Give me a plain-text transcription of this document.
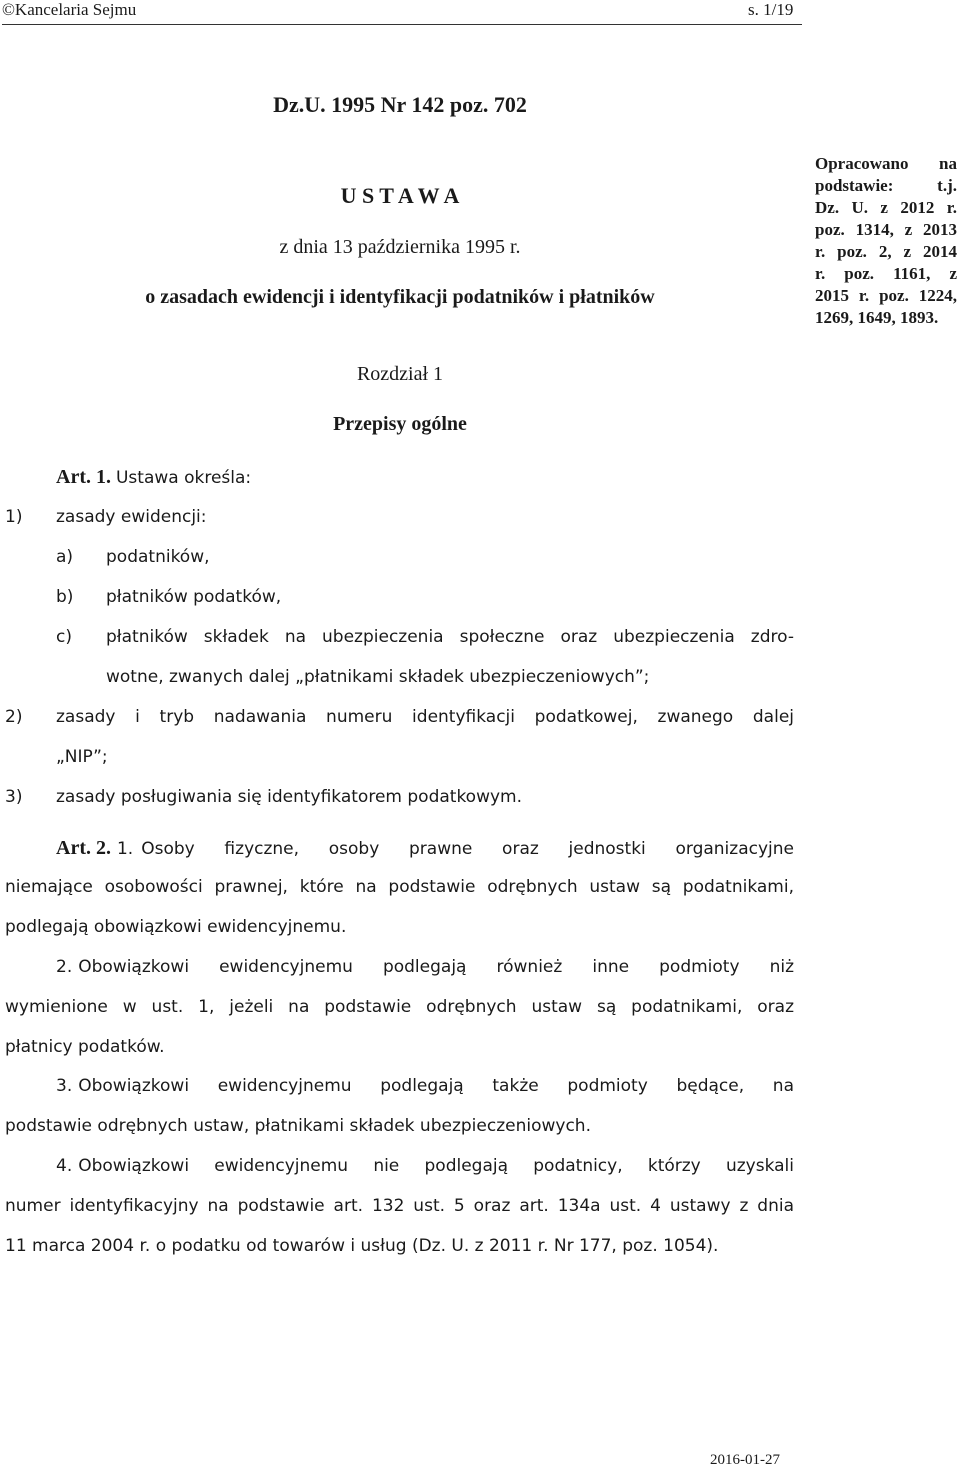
©Kancelaria Sejmu	s. 1/19
Dz.U. 1995 Nr 142 poz. 702
U S T A W A
z dnia 13 października 1995 r.
o zasadach ewidencji i identyfikacji podatników i płatników
Opracowano na
podstawie: t.j.
Dz. U. z 2012 r.
poz. 1314, z 2013
r. poz. 2, z 2014
r. poz. 1161, z
2015 r. poz. 1224,
1269, 1649, 1893.
Rozdział 1
Przepisy ogólne
Art. 1. Ustawa określa:
1) zasady ewidencji:
a) podatników,
b) płatników podatków,
c) płatników składek na ubezpieczenia społeczne oraz ubezpieczenia zdro-
wotne, zwanych dalej „płatnikami składek ubezpieczeniowych”;
2) zasady i tryb nadawania numeru identyfikacji podatkowej, zwanego dalej
„NIP”;
3) zasady posługiwania się identyfikatorem podatkowym.
Art. 2. 1. Osoby fizyczne, osoby prawne oraz jednostki organizacyjne
niemające osobowości prawnej, które na podstawie odrębnych ustaw są podatnikami,
podlegają obowiązkowi ewidencyjnemu.
2. Obowiązkowi ewidencyjnemu podlegają również inne podmioty niż
wymienione w ust. 1, jeżeli na podstawie odrębnych ustaw są podatnikami, oraz
płatnicy podatków.
3. Obowiązkowi ewidencyjnemu podlegają także podmioty będące, na
podstawie odrębnych ustaw, płatnikami składek ubezpieczeniowych.
4. Obowiązkowi ewidencyjnemu nie podlegają podatnicy, którzy uzyskali
numer identyfikacyjny na podstawie art. 132 ust. 5 oraz art. 134a ust. 4 ustawy z dnia
11 marca 2004 r. o podatku od towarów i usług (Dz. U. z 2011 r. Nr 177, poz. 1054).
2016-01-27
